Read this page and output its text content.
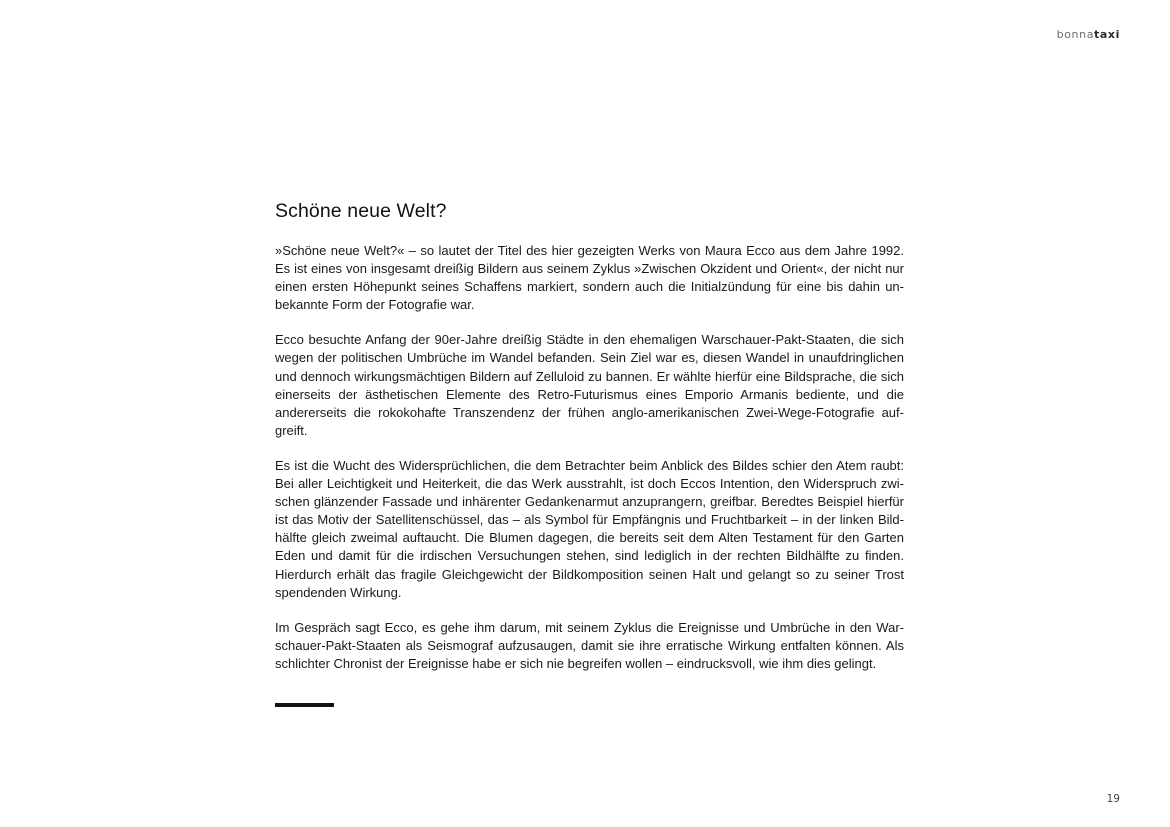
bonnataxi
Schöne neue Welt?

»Schöne neue Welt?« – so lautet der Titel des hier gezeigten Werks von Maura Ecco aus dem Jahre 1992. Es ist eines von insgesamt dreißig Bildern aus seinem Zyklus »Zwischen Okzident und Orient«, der nicht nur einen ersten Höhepunkt seines Schaffens markiert, sondern auch die Initialzündung für eine bis dahin unbekannte Form der Fotografie war.

Ecco besuchte Anfang der 90er-Jahre dreißig Städte in den ehemaligen Warschauer-Pakt-Staaten, die sich wegen der politischen Umbrüche im Wandel befanden. Sein Ziel war es, diesen Wandel in unaufdringlichen und dennoch wirkungsmächtigen Bildern auf Zelluloid zu bannen. Er wählte hierfür eine Bildsprache, die sich einerseits der ästhetischen Elemente des Retro-Futurismus eines Emporio Armanis bediente, und die andererseits die rokokohafte Transzendenz der frühen anglo-amerikanischen Zwei-Wege-Fotografie aufgreift.

Es ist die Wucht des Widersprüchlichen, die dem Betrachter beim Anblick des Bildes schier den Atem raubt: Bei aller Leichtigkeit und Heiterkeit, die das Werk ausstrahlt, ist doch Eccos Intention, den Widerspruch zwischen glänzender Fassade und inhärenter Gedankenarmut anzuprangern, greifbar. Beredtes Beispiel hierfür ist das Motiv der Satellitenschüssel, das – als Symbol für Empfängnis und Fruchtbarkeit – in der linken Bildhälfte gleich zweimal auftaucht. Die Blumen dagegen, die bereits seit dem Alten Testament für den Garten Eden und damit für die irdischen Versuchungen stehen, sind lediglich in der rechten Bildhälfte zu finden. Hierdurch erhält das fragile Gleichgewicht der Bildkomposition seinen Halt und gelangt so zu seiner Trost spendenden Wirkung.

Im Gespräch sagt Ecco, es gehe ihm darum, mit seinem Zyklus die Ereignisse und Umbrüche in den Warschauer-Pakt-Staaten als Seismograf aufzusaugen, damit sie ihre erratische Wirkung entfalten können. Als schlichter Chronist der Ereignisse habe er sich nie begreifen wollen – eindrucksvoll, wie ihm dies gelingt.

19
